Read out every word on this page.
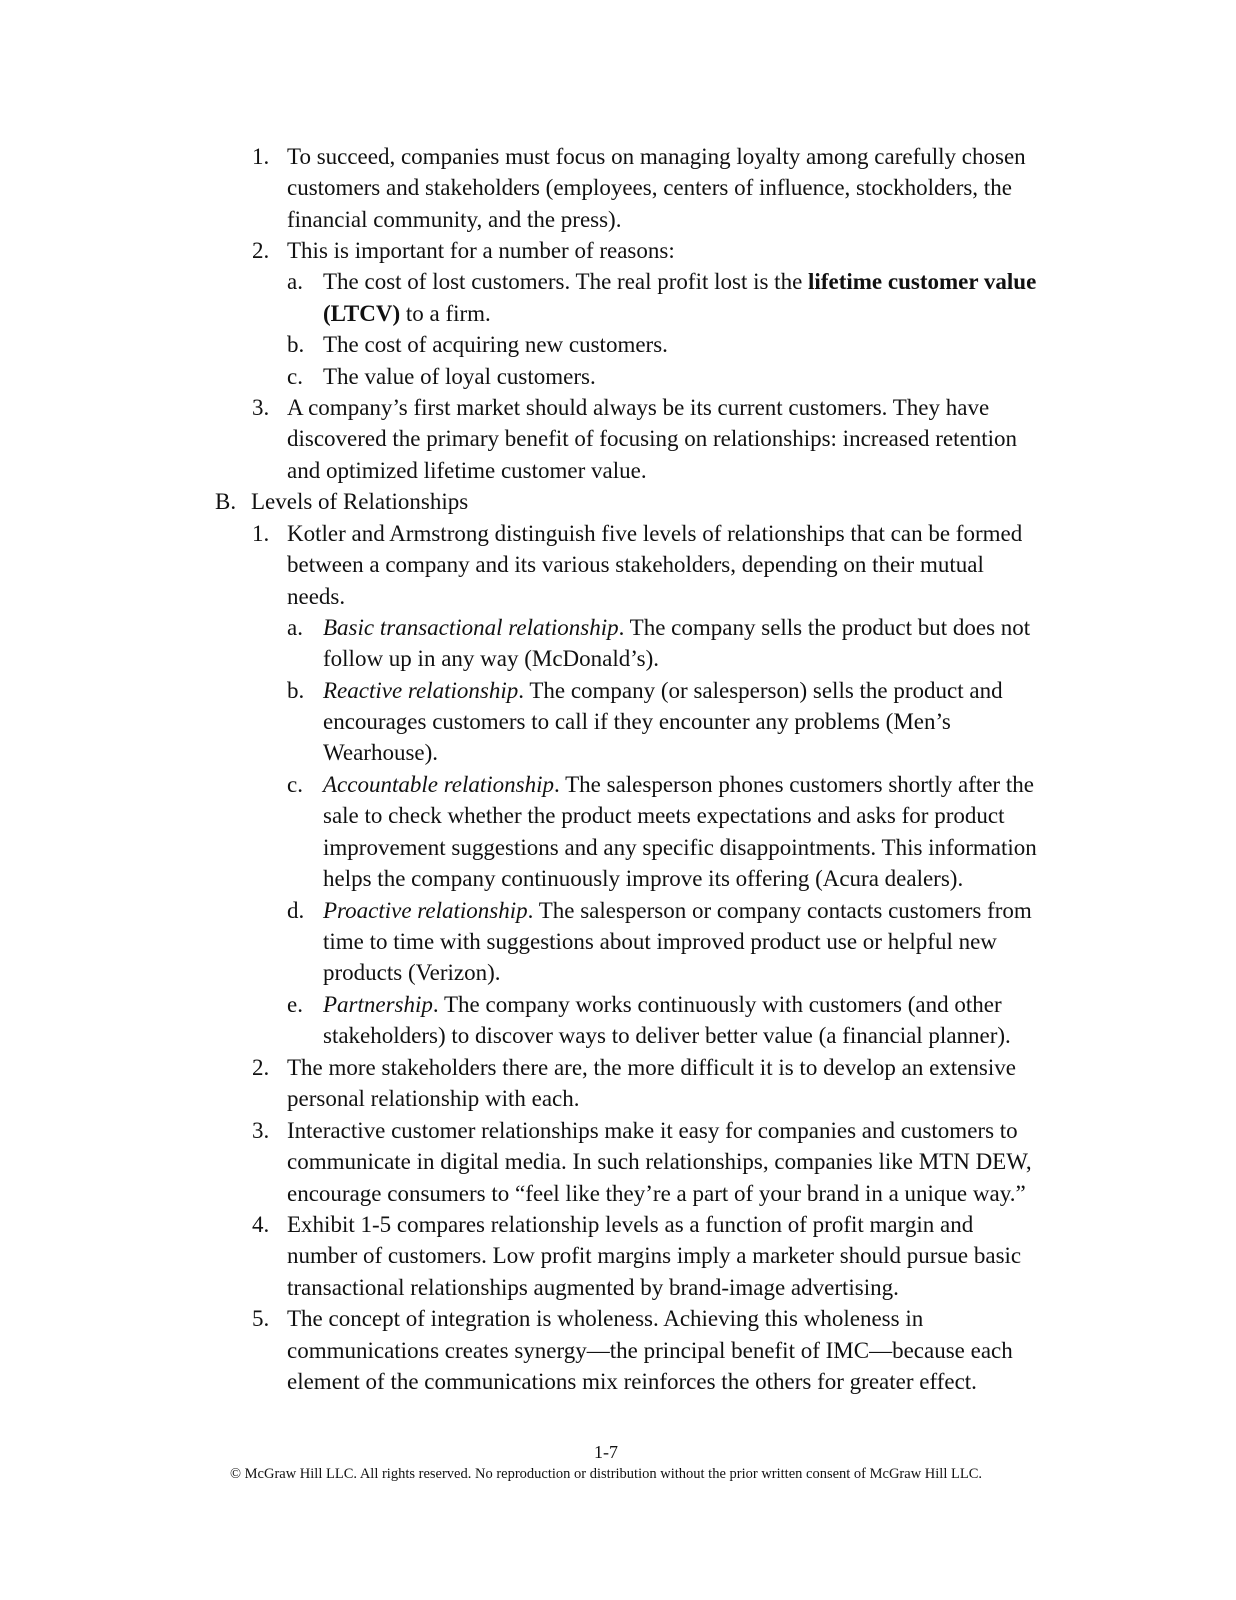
1. To succeed, companies must focus on managing loyalty among carefully chosen
customers and stakeholders (employees, centers of influence, stockholders, the
financial community, and the press).
2. This is important for a number of reasons:
a. The cost of lost customers. The real profit lost is the lifetime customer value
(LTCV) to a firm.
b. The cost of acquiring new customers.
c. The value of loyal customers.
3. A company’s first market should always be its current customers. They have
discovered the primary benefit of focusing on relationships: increased retention
and optimized lifetime customer value.
B. Levels of Relationships
1. Kotler and Armstrong distinguish five levels of relationships that can be formed
between a company and its various stakeholders, depending on their mutual
needs.
a. Basic transactional relationship. The company sells the product but does not
follow up in any way (McDonald’s).
b. Reactive relationship. The company (or salesperson) sells the product and
encourages customers to call if they encounter any problems (Men’s
Wearhouse).
c. Accountable relationship. The salesperson phones customers shortly after the
sale to check whether the product meets expectations and asks for product
improvement suggestions and any specific disappointments. This information
helps the company continuously improve its offering (Acura dealers).
d. Proactive relationship. The salesperson or company contacts customers from
time to time with suggestions about improved product use or helpful new
products (Verizon).
e. Partnership. The company works continuously with customers (and other
stakeholders) to discover ways to deliver better value (a financial planner).
2. The more stakeholders there are, the more difficult it is to develop an extensive
personal relationship with each.
3. Interactive customer relationships make it easy for companies and customers to
communicate in digital media. In such relationships, companies like MTN DEW,
encourage consumers to “feel like they’re a part of your brand in a unique way.”
4. Exhibit 1-5 compares relationship levels as a function of profit margin and
number of customers. Low profit margins imply a marketer should pursue basic
transactional relationships augmented by brand-image advertising.
5. The concept of integration is wholeness. Achieving this wholeness in
communications creates synergy—the principal benefit of IMC—because each
element of the communications mix reinforces the others for greater effect.
1-7
© McGraw Hill LLC. All rights reserved. No reproduction or distribution without the prior written consent of McGraw Hill LLC.
